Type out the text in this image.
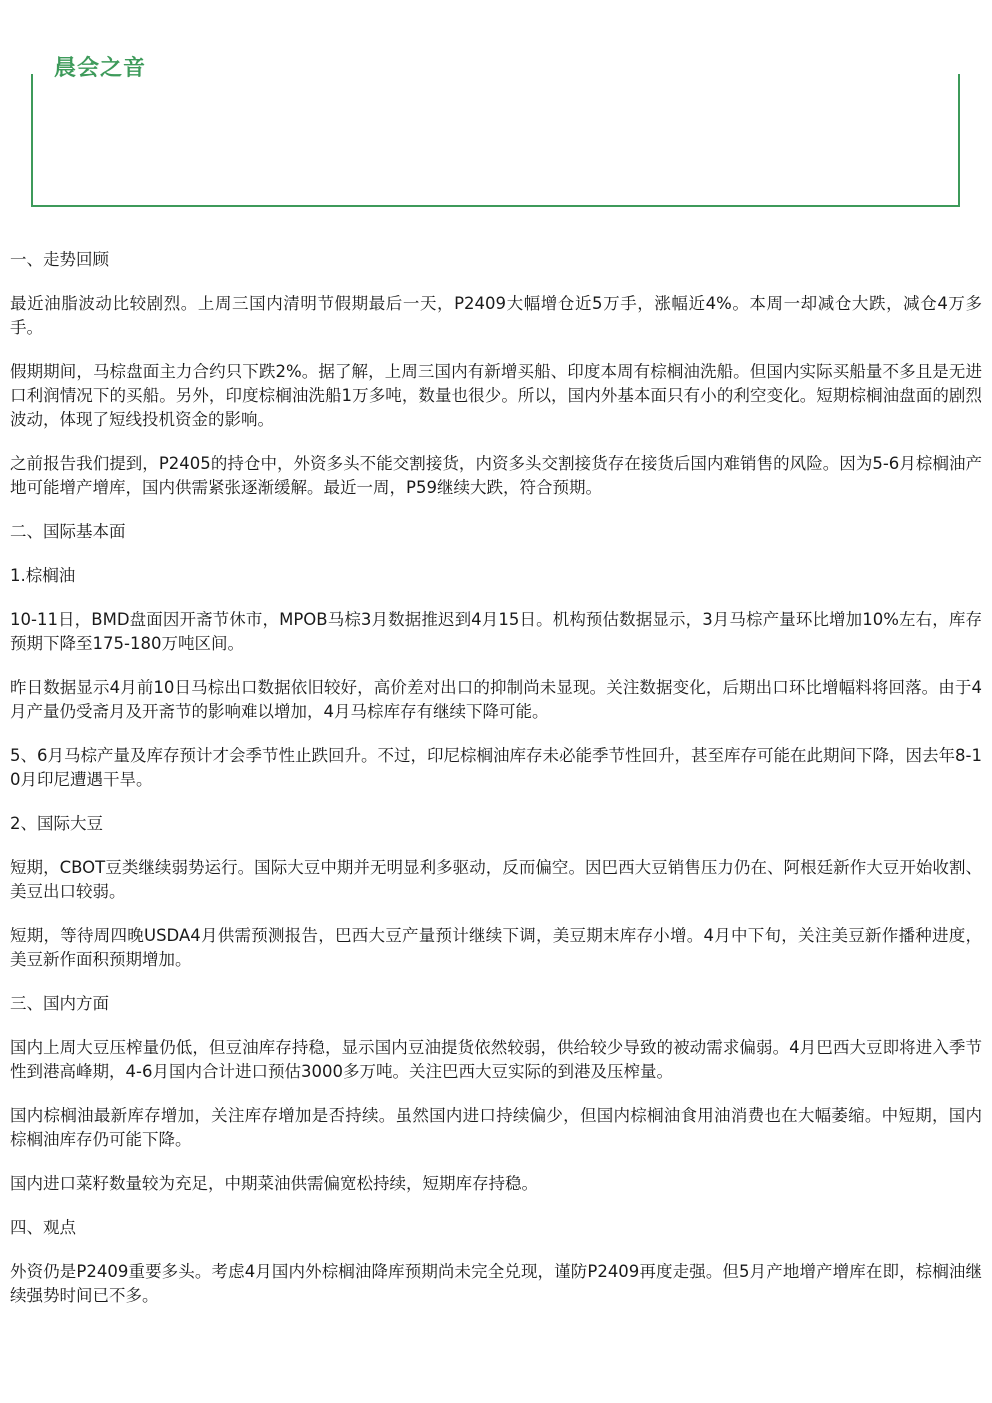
晨会之音

一、走势回顾

最近油脂波动比较剧烈。上周三国内清明节假期最后一天，P2409大幅增仓近5万手，涨幅近4%。本周一却减仓大跌，减仓4万多手。

假期期间，马棕盘面主力合约只下跌2%。据了解，上周三国内有新增买船、印度本周有棕榈油洗船。但国内实际买船量不多且是无进口利润情况下的买船。另外，印度棕榈油洗船1万多吨，数量也很少。所以，国内外基本面只有小的利空变化。短期棕榈油盘面的剧烈波动，体现了短线投机资金的影响。

之前报告我们提到，P2405的持仓中，外资多头不能交割接货，内资多头交割接货存在接货后国内难销售的风险。因为5-6月棕榈油产地可能增产增库，国内供需紧张逐渐缓解。最近一周，P59继续大跌，符合预期。

二、国际基本面

1.棕榈油

10-11日，BMD盘面因开斋节休市，MPOB马棕3月数据推迟到4月15日。机构预估数据显示，3月马棕产量环比增加10%左右，库存预期下降至175-180万吨区间。

昨日数据显示4月前10日马棕出口数据依旧较好，高价差对出口的抑制尚未显现。关注数据变化，后期出口环比增幅料将回落。由于4月产量仍受斋月及开斋节的影响难以增加，4月马棕库存有继续下降可能。

5、6月马棕产量及库存预计才会季节性止跌回升。不过，印尼棕榈油库存未必能季节性回升，甚至库存可能在此期间下降，因去年8-10月印尼遭遇干旱。

2、国际大豆

短期，CBOT豆类继续弱势运行。国际大豆中期并无明显利多驱动，反而偏空。因巴西大豆销售压力仍在、阿根廷新作大豆开始收割、美豆出口较弱。

短期，等待周四晚USDA4月供需预测报告，巴西大豆产量预计继续下调，美豆期末库存小增。4月中下旬，关注美豆新作播种进度，美豆新作面积预期增加。

三、国内方面

国内上周大豆压榨量仍低，但豆油库存持稳，显示国内豆油提货依然较弱，供给较少导致的被动需求偏弱。4月巴西大豆即将进入季节性到港高峰期，4-6月国内合计进口预估3000多万吨。关注巴西大豆实际的到港及压榨量。

国内棕榈油最新库存增加，关注库存增加是否持续。虽然国内进口持续偏少，但国内棕榈油食用油消费也在大幅萎缩。中短期，国内棕榈油库存仍可能下降。

国内进口菜籽数量较为充足，中期菜油供需偏宽松持续，短期库存持稳。

四、观点

外资仍是P2409重要多头。考虑4月国内外棕榈油降库预期尚未完全兑现，谨防P2409再度走强。但5月产地增产增库在即，棕榈油继续强势时间已不多。
